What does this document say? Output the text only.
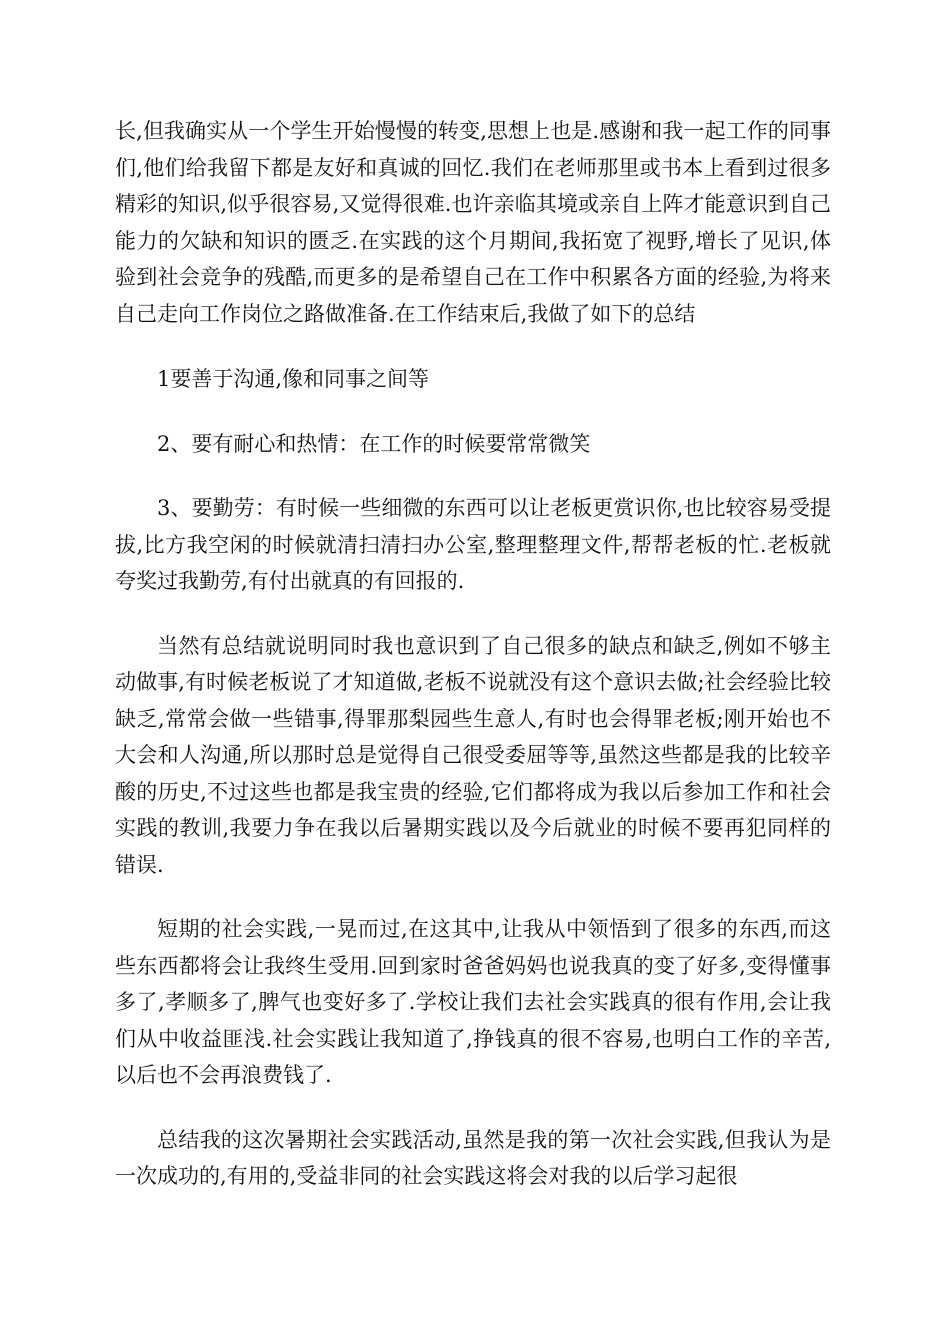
长,但我确实从一个学生开始慢慢的转变,思想上也是.感谢和我一起工作的同事们,他们给我留下都是友好和真诚的回忆.我们在老师那里或书本上看到过很多精彩的知识,似乎很容易,又觉得很难.也许亲临其境或亲自上阵才能意识到自己能力的欠缺和知识的匮乏.在实践的这个月期间,我拓宽了视野,增长了见识,体验到社会竞争的残酷,而更多的是希望自己在工作中积累各方面的经验,为将来自己走向工作岗位之路做准备.在工作结束后,我做了如下的总结

1要善于沟通,像和同事之间等

2、要有耐心和热情：在工作的时候要常常微笑

3、要勤劳：有时候一些细微的东西可以让老板更赏识你,也比较容易受提拔,比方我空闲的时候就清扫清扫办公室,整理整理文件,帮帮老板的忙.老板就夸奖过我勤劳,有付出就真的有回报的.

当然有总结就说明同时我也意识到了自己很多的缺点和缺乏,例如不够主动做事,有时候老板说了才知道做,老板不说就没有这个意识去做;社会经验比较缺乏,常常会做一些错事,得罪那梨园些生意人,有时也会得罪老板;刚开始也不大会和人沟通,所以那时总是觉得自己很受委屈等等,虽然这些都是我的比较辛酸的历史,不过这些也都是我宝贵的经验,它们都将成为我以后参加工作和社会实践的教训,我要力争在我以后暑期实践以及今后就业的时候不要再犯同样的错误.

短期的社会实践,一晃而过,在这其中,让我从中领悟到了很多的东西,而这些东西都将会让我终生受用.回到家时爸爸妈妈也说我真的变了好多,变得懂事多了,孝顺多了,脾气也变好多了.学校让我们去社会实践真的很有作用,会让我们从中收益匪浅.社会实践让我知道了,挣钱真的很不容易,也明白工作的辛苦,以后也不会再浪费钱了.

总结我的这次暑期社会实践活动,虽然是我的第一次社会实践,但我认为是一次成功的,有用的,受益非同的社会实践这将会对我的以后学习起很
